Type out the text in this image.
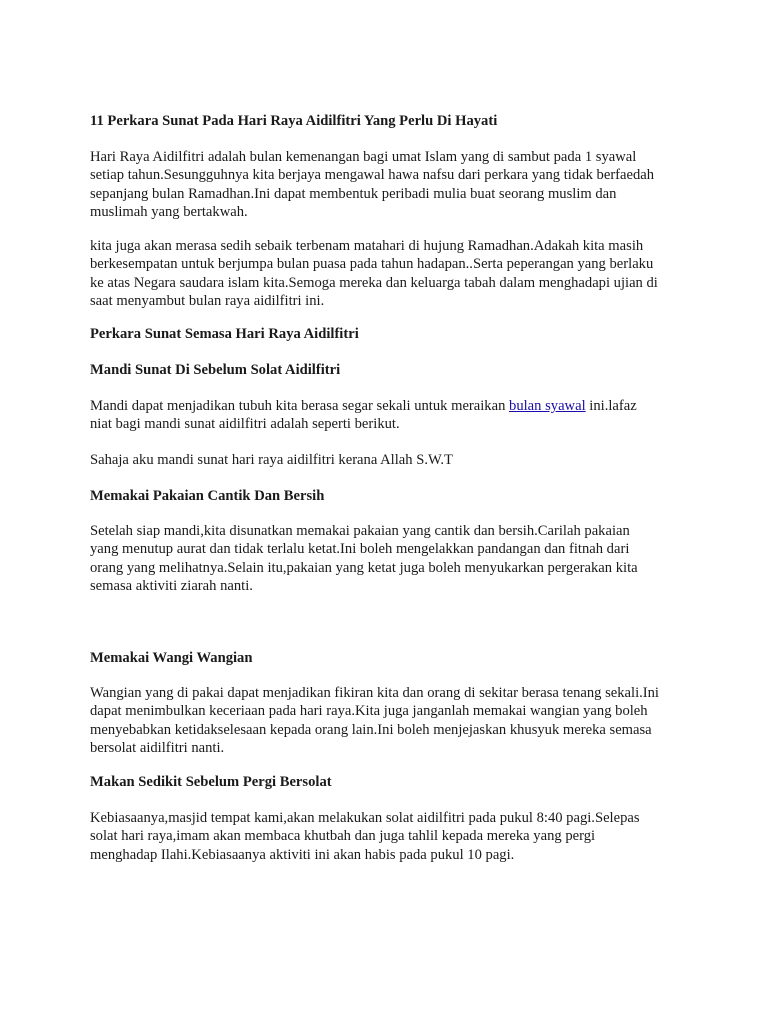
11 Perkara Sunat Pada Hari Raya Aidilfitri Yang Perlu Di Hayati
Hari Raya Aidilfitri adalah bulan kemenangan bagi umat Islam yang di sambut pada 1 syawal
setiap tahun.Sesungguhnya kita berjaya mengawal hawa nafsu dari perkara yang tidak berfaedah
sepanjang bulan Ramadhan.Ini dapat membentuk peribadi mulia buat seorang muslim dan
muslimah yang bertakwah.
kita juga akan merasa sedih sebaik terbenam matahari di hujung Ramadhan.Adakah kita masih
berkesempatan untuk berjumpa bulan puasa pada tahun hadapan..Serta peperangan yang berlaku
ke atas Negara saudara islam kita.Semoga mereka dan keluarga tabah dalam menghadapi ujian di
saat menyambut bulan raya aidilfitri ini.
Perkara Sunat Semasa Hari Raya Aidilfitri
Mandi Sunat Di Sebelum Solat Aidilfitri
Mandi dapat menjadikan tubuh kita berasa segar sekali untuk meraikan bulan syawal ini.lafaz
niat bagi mandi sunat aidilfitri adalah seperti berikut.
Sahaja aku mandi sunat hari raya aidilfitri kerana Allah S.W.T
Memakai Pakaian Cantik Dan Bersih
Setelah siap mandi,kita disunatkan memakai pakaian yang cantik dan bersih.Carilah pakaian
yang menutup aurat dan tidak terlalu ketat.Ini boleh mengelakkan pandangan dan fitnah dari
orang yang melihatnya.Selain itu,pakaian yang ketat juga boleh menyukarkan pergerakan kita
semasa aktiviti ziarah nanti.
Memakai Wangi Wangian
Wangian yang di pakai dapat menjadikan fikiran kita dan orang di sekitar berasa tenang sekali.Ini
dapat menimbulkan keceriaan pada hari raya.Kita juga janganlah memakai wangian yang boleh
menyebabkan ketidakselesaan kepada orang lain.Ini boleh menjejaskan khusyuk mereka semasa
bersolat aidilfitri nanti.
Makan Sedikit Sebelum Pergi Bersolat
Kebiasaanya,masjid tempat kami,akan melakukan solat aidilfitri pada pukul 8:40 pagi.Selepas
solat hari raya,imam akan membaca khutbah dan juga tahlil kepada mereka yang pergi
menghadap Ilahi.Kebiasaanya aktiviti ini akan habis pada pukul 10 pagi.
